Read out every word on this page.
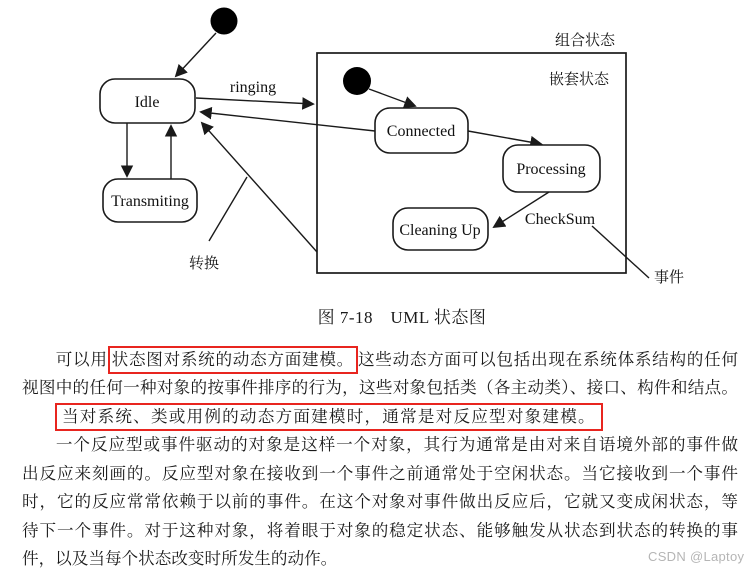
组合状态
嵌套状态
Idle
Transmiting
ringing
转换
Connected
Processing
Cleaning Up
CheckSum
事件
图 7-18　UML 状态图
可以用 状态图对系统的动态方面建模。 这些动态方面可以包括出现在系统体系结构的任何
视图中的任何一种对象的按事件排序的行为，这些对象包括类（各主动类）、接口、构件和结点。
当对系统、类或用例的动态方面建模时，通常是对反应型对象建模。
一个反应型或事件驱动的对象是这样一个对象，其行为通常是由对来自语境外部的事件做
出反应来刻画的。反应型对象在接收到一个事件之前通常处于空闲状态。当它接收到一个事件
时，它的反应常常依赖于以前的事件。在这个对象对事件做出反应后，它就又变成闲状态，等
待下一个事件。对于这种对象，将着眼于对象的稳定状态、能够触发从状态到状态的转换的事
件，以及当每个状态改变时所发生的动作。	CSDN @Laptoy
